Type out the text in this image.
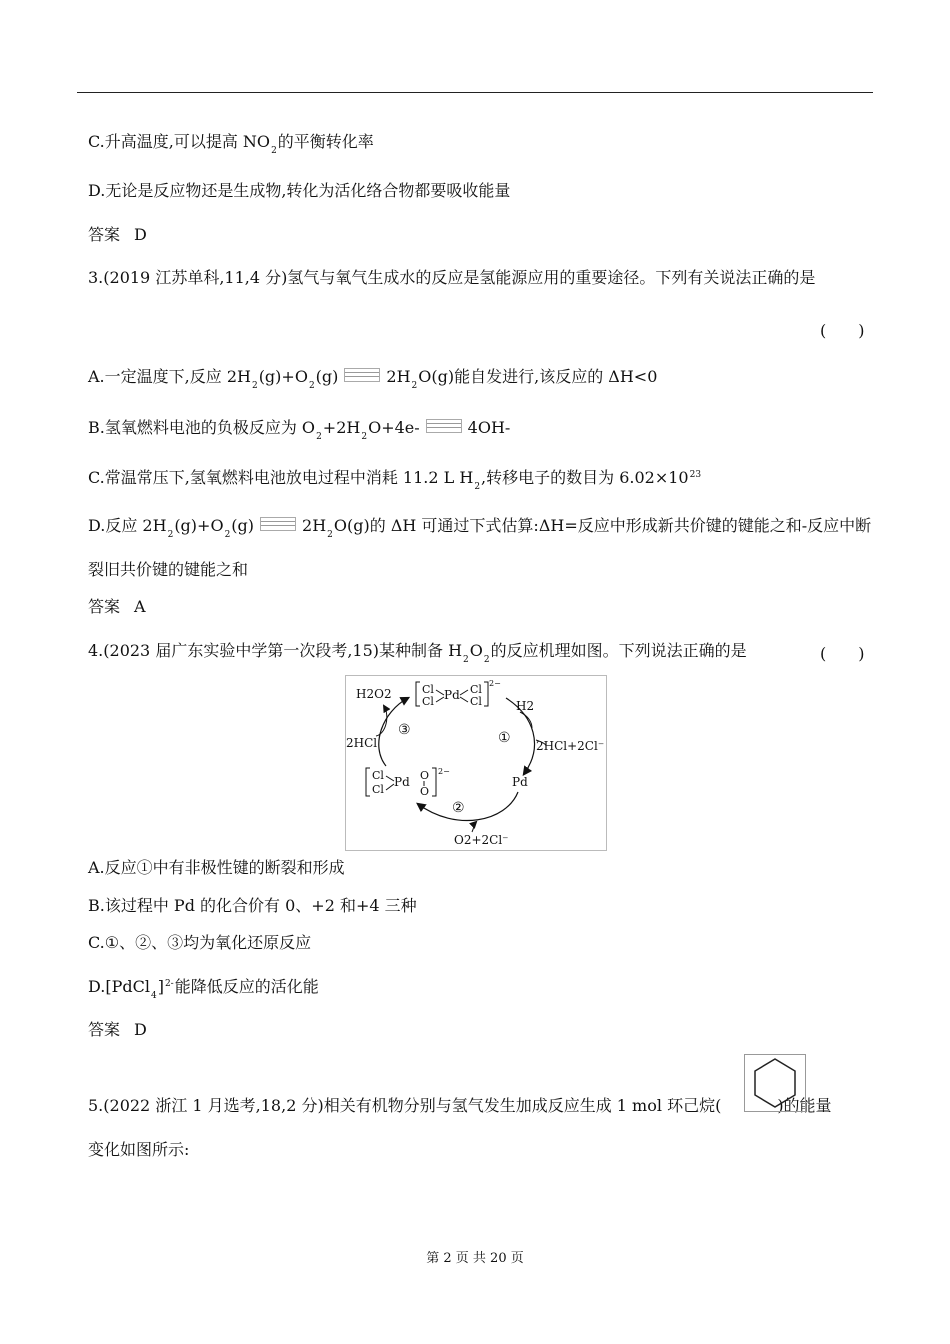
C.升高温度,可以提高 $NO_2$的平衡转化率
D.无论是反应物还是生成物,转化为活化络合物都要吸收能量
答案 D
3.(2019 江苏单科,11,4 分)氢气与氧气生成水的反应是氢能源应用的重要途径。下列有关说法正确的是
(　　)
A.一定温度下,反应 $2H_2(g)+O_2(g)$	$2H_2O(g)$能自发进行,该反应的 ΔH<0
B.氢氧燃料电池的负极反应为 $O_2+2H_2O+4e-$	4OH-
C.常温常压下,氢氧燃料电池放电过程中消耗 11.2 L $H_2$,转移电子的数目为 $6.02\times 10^{23}$
D.反应 $2H_2(g)+O_2(g)$	$2H_2O(g)$的 ΔH 可通过下式估算:ΔH=反应中形成新共价键的键能之和-反应中断
裂旧共价键的键能之和
答案 A
4.(2023 届广东实验中学第一次段考,15)某种制备 $H_2O_2$的反应机理如图。下列说法正确的是	(　　)
Cl
Cl Pd Cl
Cl
2−
H2O2
③
2HCl
H2
① 2HCl+2Cl⁻
Pd
②
O2+2Cl⁻
Cl
Cl
Pd O
O
2−
A.反应①中有非极性键的断裂和形成
B.该过程中 Pd 的化合价有 0、+2 和+4 三种
C.①、②、③均为氧化还原反应
D.[PdCl$_4$]$^{2-}$能降低反应的活化能
答案 D
5.(2022 浙江 1 月选考,18,2 分)相关有机物分别与氢气发生加成反应生成 1 mol 环己烷(	)的能量
变化如图所示:
第 2 页 共 20 页
